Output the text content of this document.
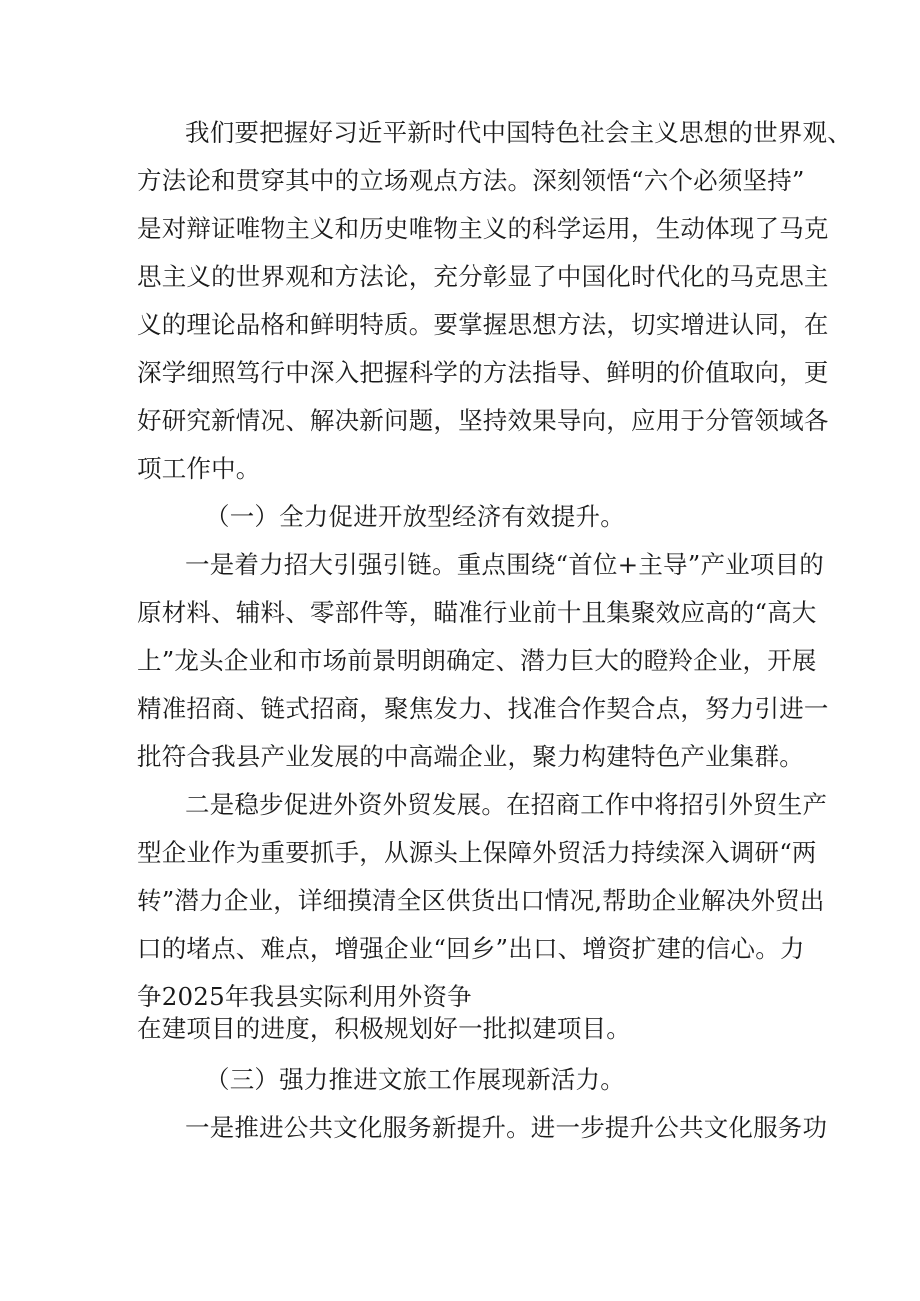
我们要把握好习近平新时代中国特色社会主义思想的世界观、
方法论和贯穿其中的立场观点方法。深刻领悟“六个必须坚持”
是对辩证唯物主义和历史唯物主义的科学运用，生动体现了马克
思主义的世界观和方法论，充分彰显了中国化时代化的马克思主
义的理论品格和鲜明特质。要掌握思想方法，切实增进认同，在
深学细照笃行中深入把握科学的方法指导、鲜明的价值取向，更
好研究新情况、解决新问题，坚持效果导向，应用于分管领域各
项工作中。
（一）全力促进开放型经济有效提升。
一是着力招大引强引链。重点围绕“首位+主导”产业项目的
原材料、辅料、零部件等，瞄准行业前十且集聚效应高的“高大
上”龙头企业和市场前景明朗确定、潜力巨大的瞪羚企业，开展
精准招商、链式招商，聚焦发力、找准合作契合点，努力引进一
批符合我县产业发展的中高端企业，聚力构建特色产业集群。
二是稳步促进外资外贸发展。在招商工作中将招引外贸生产
型企业作为重要抓手，从源头上保障外贸活力持续深入调研“两
转”潜力企业，详细摸清全区供货出口情况,帮助企业解决外贸出
口的堵点、难点，增强企业“回乡”出口、增资扩建的信心。力
争2025年我县实际利用外资争
在建项目的进度，积极规划好一批拟建项目。
（三）强力推进文旅工作展现新活力。
一是推进公共文化服务新提升。进一步提升公共文化服务功
